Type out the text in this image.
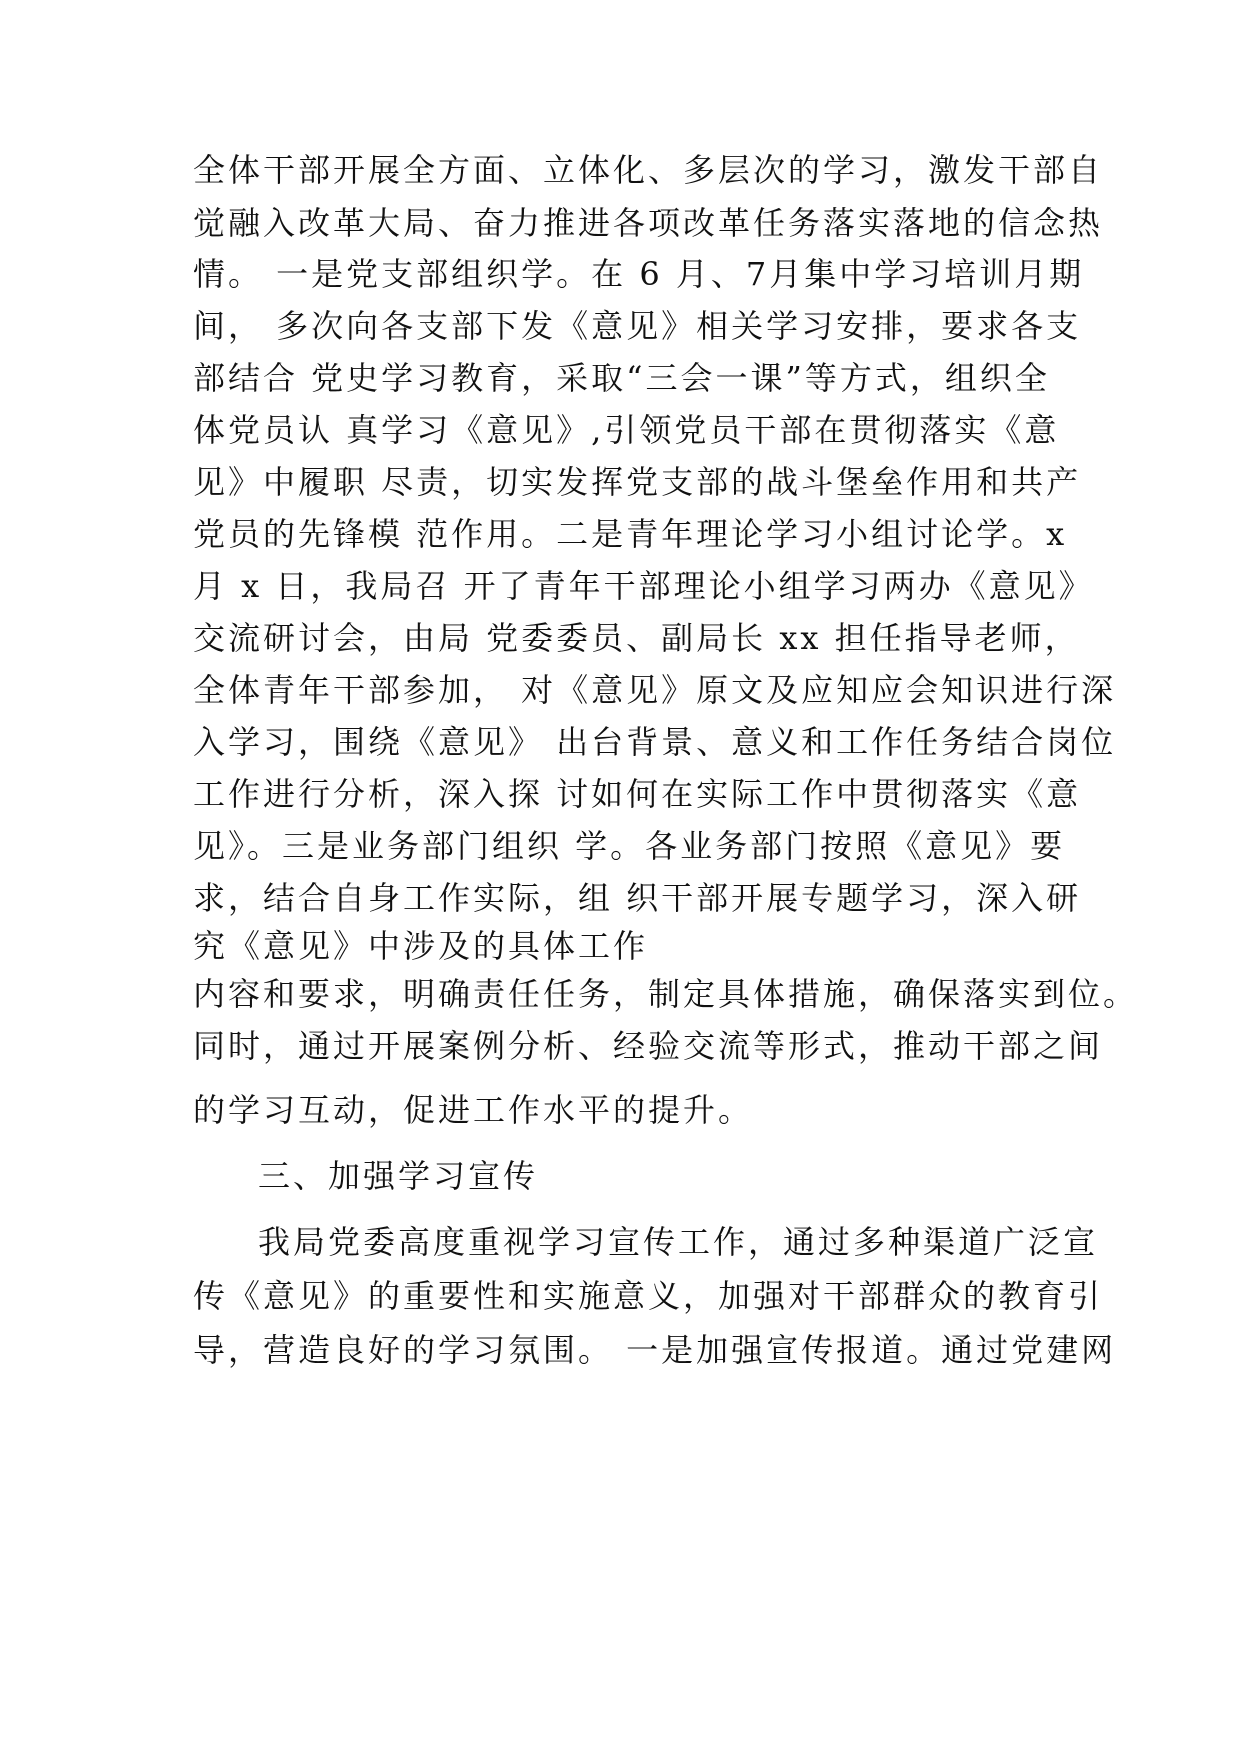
全体干部开展全方面、立体化、多层次的学习，激发干部自
觉融入改革大局、奋力推进各项改革任务落实落地的信念热
情。 一是党支部组织学。在 6 月、7月集中学习培训月期
间， 多次向各支部下发《意见》相关学习安排，要求各支
部结合 党史学习教育，采取“三会一课”等方式，组织全
体党员认 真学习《意见》,引领党员干部在贯彻落实《意
见》中履职 尽责，切实发挥党支部的战斗堡垒作用和共产
党员的先锋模 范作用。二是青年理论学习小组讨论学。x
月 x 日，我局召 开了青年干部理论小组学习两办《意见》
交流研讨会，由局 党委委员、副局长 xx 担任指导老师，
全体青年干部参加， 对《意见》原文及应知应会知识进行深
入学习，围绕《意见》 出台背景、意义和工作任务结合岗位
工作进行分析，深入探 讨如何在实际工作中贯彻落实《意
见》。三是业务部门组织 学。各业务部门按照《意见》要
求，结合自身工作实际，组 织干部开展专题学习，深入研
究《意见》中涉及的具体工作
内容和要求，明确责任任务，制定具体措施，确保落实到位。
同时，通过开展案例分析、经验交流等形式，推动干部之间
的学习互动，促进工作水平的提升。
三、加强学习宣传
我局党委高度重视学习宣传工作，通过多种渠道广泛宣
传《意见》的重要性和实施意义，加强对干部群众的教育引
导，营造良好的学习氛围。 一是加强宣传报道。通过党建网
